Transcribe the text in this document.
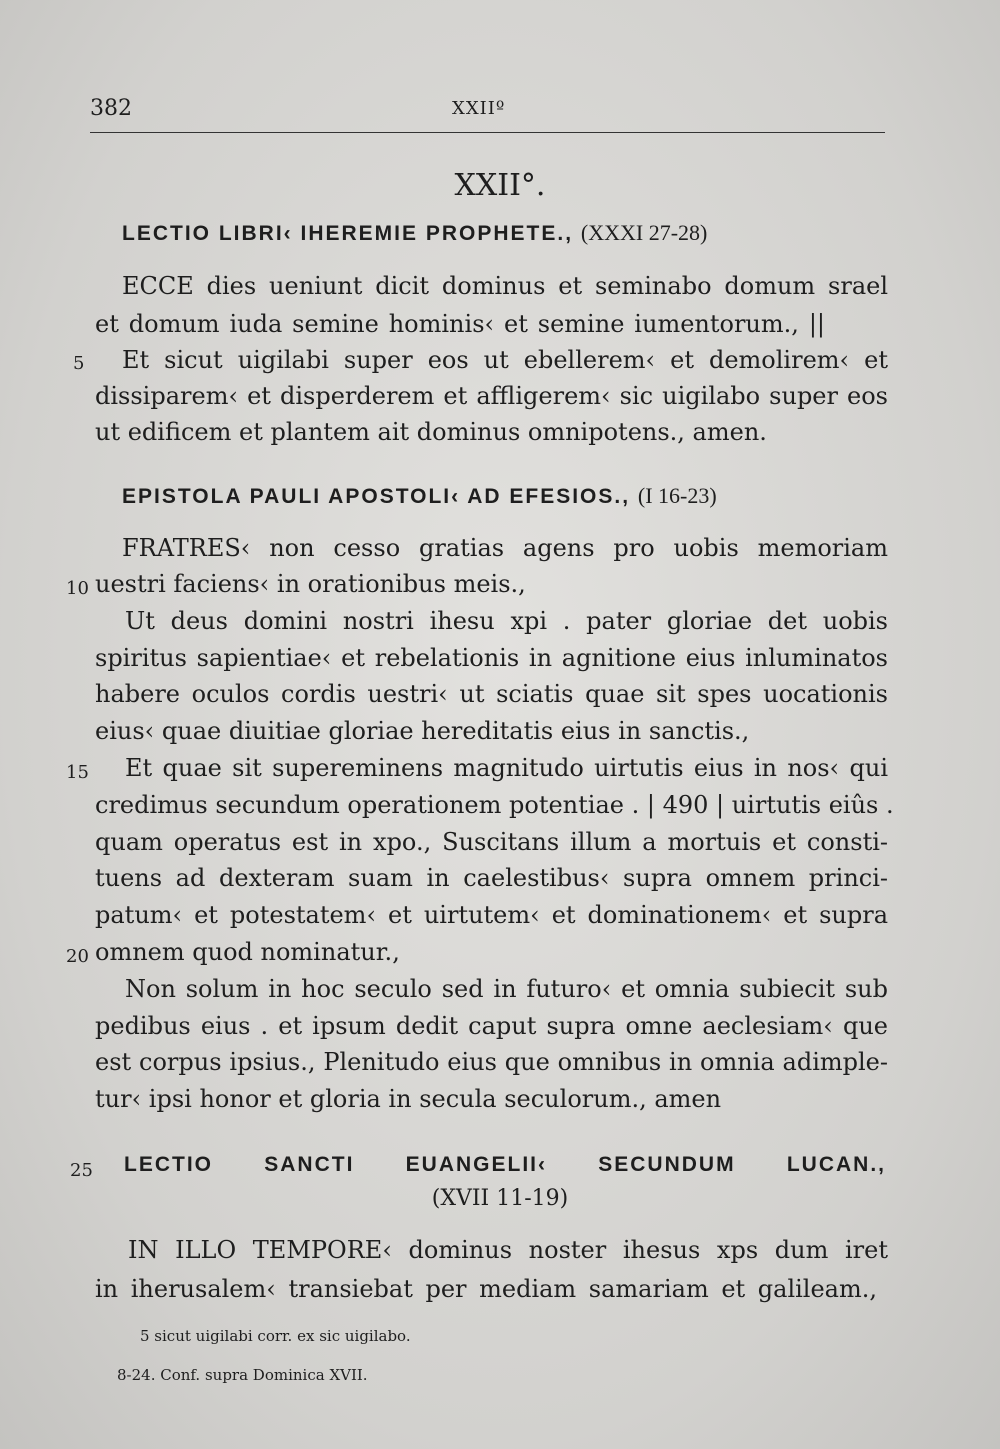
382	XXIIº
XXII°.
LECTIO LIBRI‹ IHEREMIE PROPHETE., (XXXI 27-28)
ECCE dies ueniunt dicit dominus et seminabo domum srael
et domum iuda semine hominis‹ et semine iumentorum., ||
5 Et sicut uigilabi super eos ut ebellerem‹ et demolirem‹ et
dissiparem‹ et disperderem et affligerem‹ sic uigilabo super eos
ut edificem et plantem ait dominus omnipotens., amen.
EPISTOLA PAULI APOSTOLI‹ AD EFESIOS., (I 16-23)
FRATRES‹ non cesso gratias agens pro uobis memoriam
10 uestri faciens‹ in orationibus meis.,
Ut deus domini nostri ihesu xpi . pater gloriae det uobis
spiritus sapientiae‹ et rebelationis in agnitione eius inluminatos
habere oculos cordis uestri‹ ut sciatis quae sit spes uocationis
eius‹ quae diuitiae gloriae hereditatis eius in sanctis.,
15 Et quae sit supereminens magnitudo uirtutis eius in nos‹ qui
credimus secundum operationem potentiae . | 490 | uirtutis eiûs .
quam operatus est in xpo., Suscitans illum a mortuis et consti-
tuens ad dexteram suam in caelestibus‹ supra omnem princi-
patum‹ et potestatem‹ et uirtutem‹ et dominationem‹ et supra
20 omnem quod nominatur.,
Non solum in hoc seculo sed in futuro‹ et omnia subiecit sub
pedibus eius . et ipsum dedit caput supra omne aeclesiam‹ que
est corpus ipsius., Plenitudo eius que omnibus in omnia adimple-
tur‹ ipsi honor et gloria in secula seculorum., amen
25 LECTIO SANCTI EUANGELII‹ SECUNDUM LUCAN.,
(XVII 11-19)
IN ILLO TEMPORE‹ dominus noster ihesus xps dum iret
in iherusalem‹ transiebat per mediam samariam et galileam.,
5 sicut uigilabi corr. ex sic uigilabo.
8-24. Conf. supra Dominica XVII.
